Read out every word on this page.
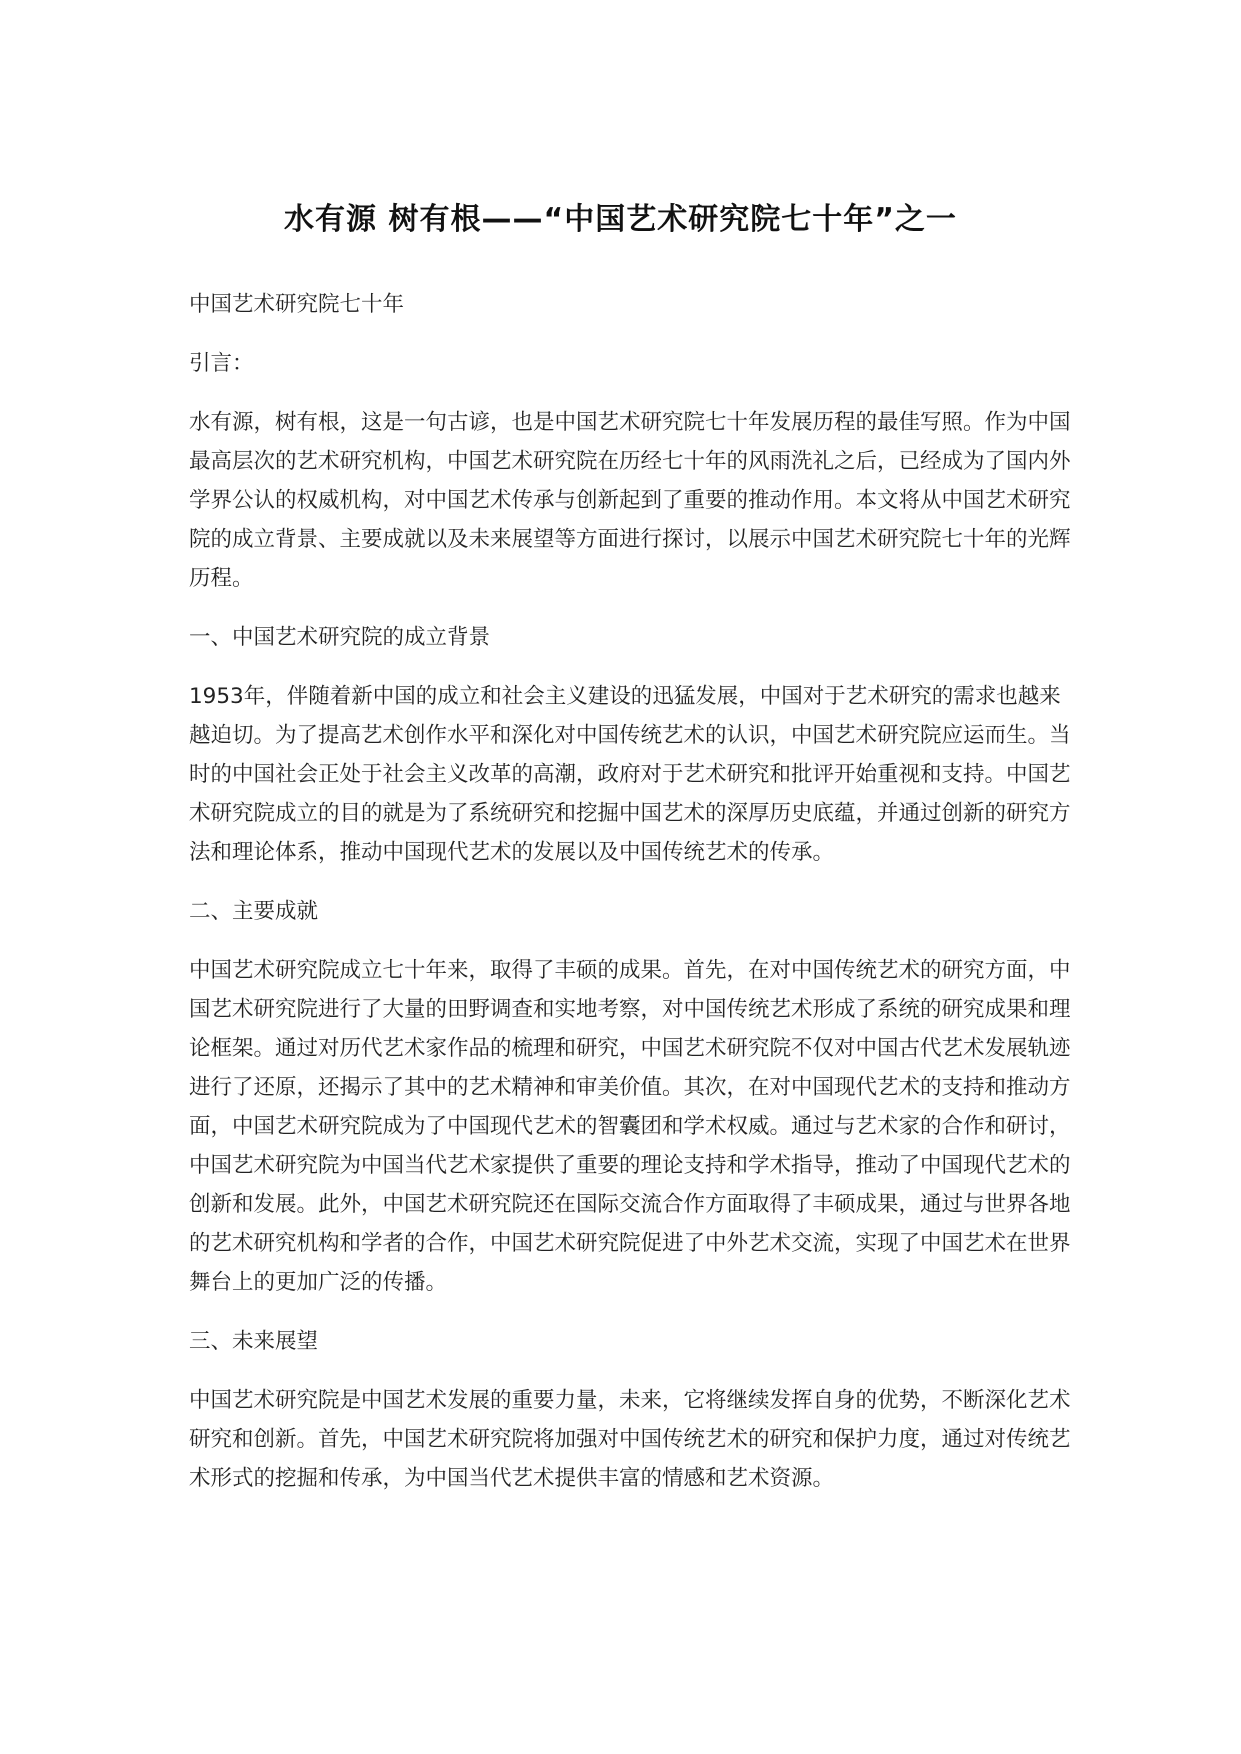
水有源 树有根——“中国艺术研究院七十年”之一

中国艺术研究院七十年

引言：

水有源，树有根，这是一句古谚，也是中国艺术研究院七十年发展历程的最佳写照。作为中国最高层次的艺术研究机构，中国艺术研究院在历经七十年的风雨洗礼之后，已经成为了国内外学界公认的权威机构，对中国艺术传承与创新起到了重要的推动作用。本文将从中国艺术研究院的成立背景、主要成就以及未来展望等方面进行探讨，以展示中国艺术研究院七十年的光辉历程。

一、中国艺术研究院的成立背景

1953年，伴随着新中国的成立和社会主义建设的迅猛发展，中国对于艺术研究的需求也越来越迫切。为了提高艺术创作水平和深化对中国传统艺术的认识，中国艺术研究院应运而生。当时的中国社会正处于社会主义改革的高潮，政府对于艺术研究和批评开始重视和支持。中国艺术研究院成立的目的就是为了系统研究和挖掘中国艺术的深厚历史底蕴，并通过创新的研究方法和理论体系，推动中国现代艺术的发展以及中国传统艺术的传承。

二、主要成就

中国艺术研究院成立七十年来，取得了丰硕的成果。首先，在对中国传统艺术的研究方面，中国艺术研究院进行了大量的田野调查和实地考察，对中国传统艺术形成了系统的研究成果和理论框架。通过对历代艺术家作品的梳理和研究，中国艺术研究院不仅对中国古代艺术发展轨迹进行了还原，还揭示了其中的艺术精神和审美价值。其次，在对中国现代艺术的支持和推动方面，中国艺术研究院成为了中国现代艺术的智囊团和学术权威。通过与艺术家的合作和研讨，中国艺术研究院为中国当代艺术家提供了重要的理论支持和学术指导，推动了中国现代艺术的创新和发展。此外，中国艺术研究院还在国际交流合作方面取得了丰硕成果，通过与世界各地的艺术研究机构和学者的合作，中国艺术研究院促进了中外艺术交流，实现了中国艺术在世界舞台上的更加广泛的传播。

三、未来展望

中国艺术研究院是中国艺术发展的重要力量，未来，它将继续发挥自身的优势，不断深化艺术研究和创新。首先，中国艺术研究院将加强对中国传统艺术的研究和保护力度，通过对传统艺术形式的挖掘和传承，为中国当代艺术提供丰富的情感和艺术资源。
